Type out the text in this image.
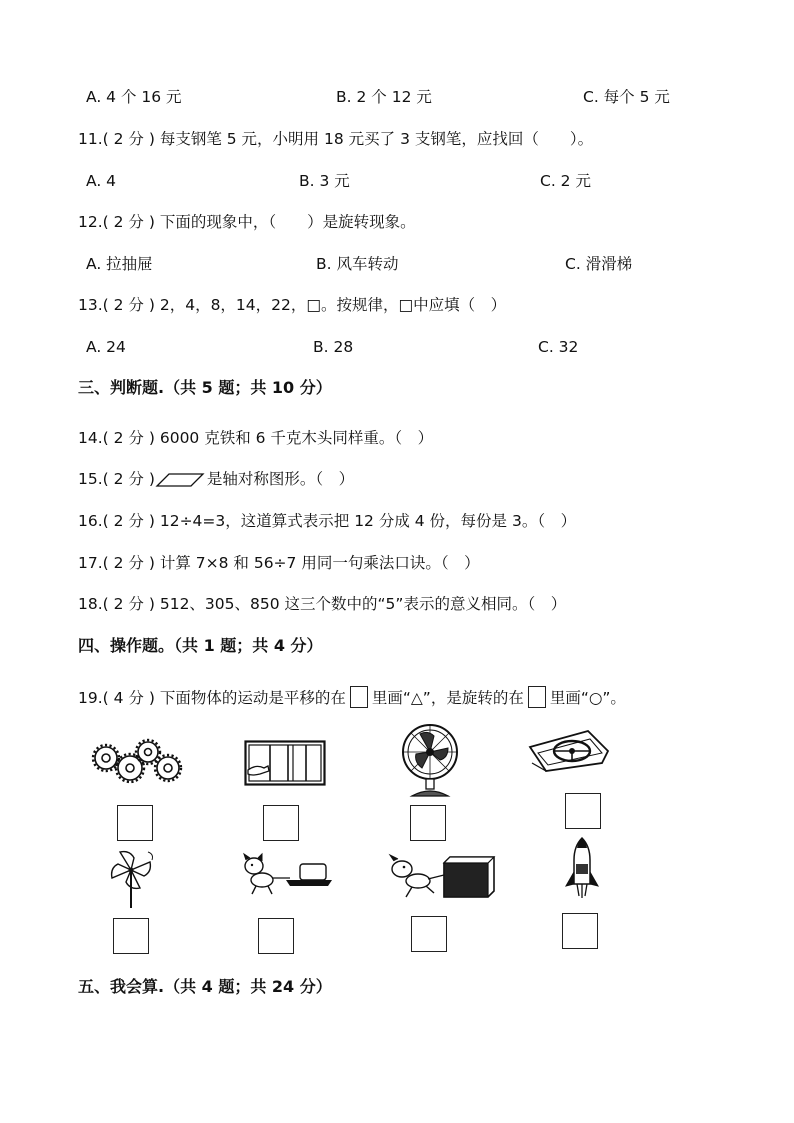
A. 4 个 16 元	B. 2 个 12 元	C. 每个 5 元
11.( 2 分 ) 每支钢笔 5 元，小明用 18 元买了 3 支钢笔，应找回（　　）。
A. 4	B. 3 元	C. 2 元
12.( 2 分 ) 下面的现象中，（　　）是旋转现象。
A. 拉抽屉	B. 风车转动	C. 滑滑梯
13.( 2 分 ) 2，4，8，14，22，□。按规律，□中应填（　）
A. 24	B. 28	C. 32
三、判断题.（共 5 题；共 10 分）
14.( 2 分 ) 6000 克铁和 6 千克木头同样重。（　）
15.( 2 分 )	是轴对称图形。（　）
16.( 2 分 ) 12÷4=3，这道算式表示把 12 分成 4 份，每份是 3。（　）
17.( 2 分 ) 计算 7×8 和 56÷7 用同一句乘法口诀。（　）
18.( 2 分 ) 512、305、850 这三个数中的“5”表示的意义相同。（　）
四、操作题。（共 1 题；共 4 分）
19.( 4 分 ) 下面物体的运动是平移的在 里画“△”，是旋转的在 里画“○”。
五、我会算.（共 4 题；共 24 分）
